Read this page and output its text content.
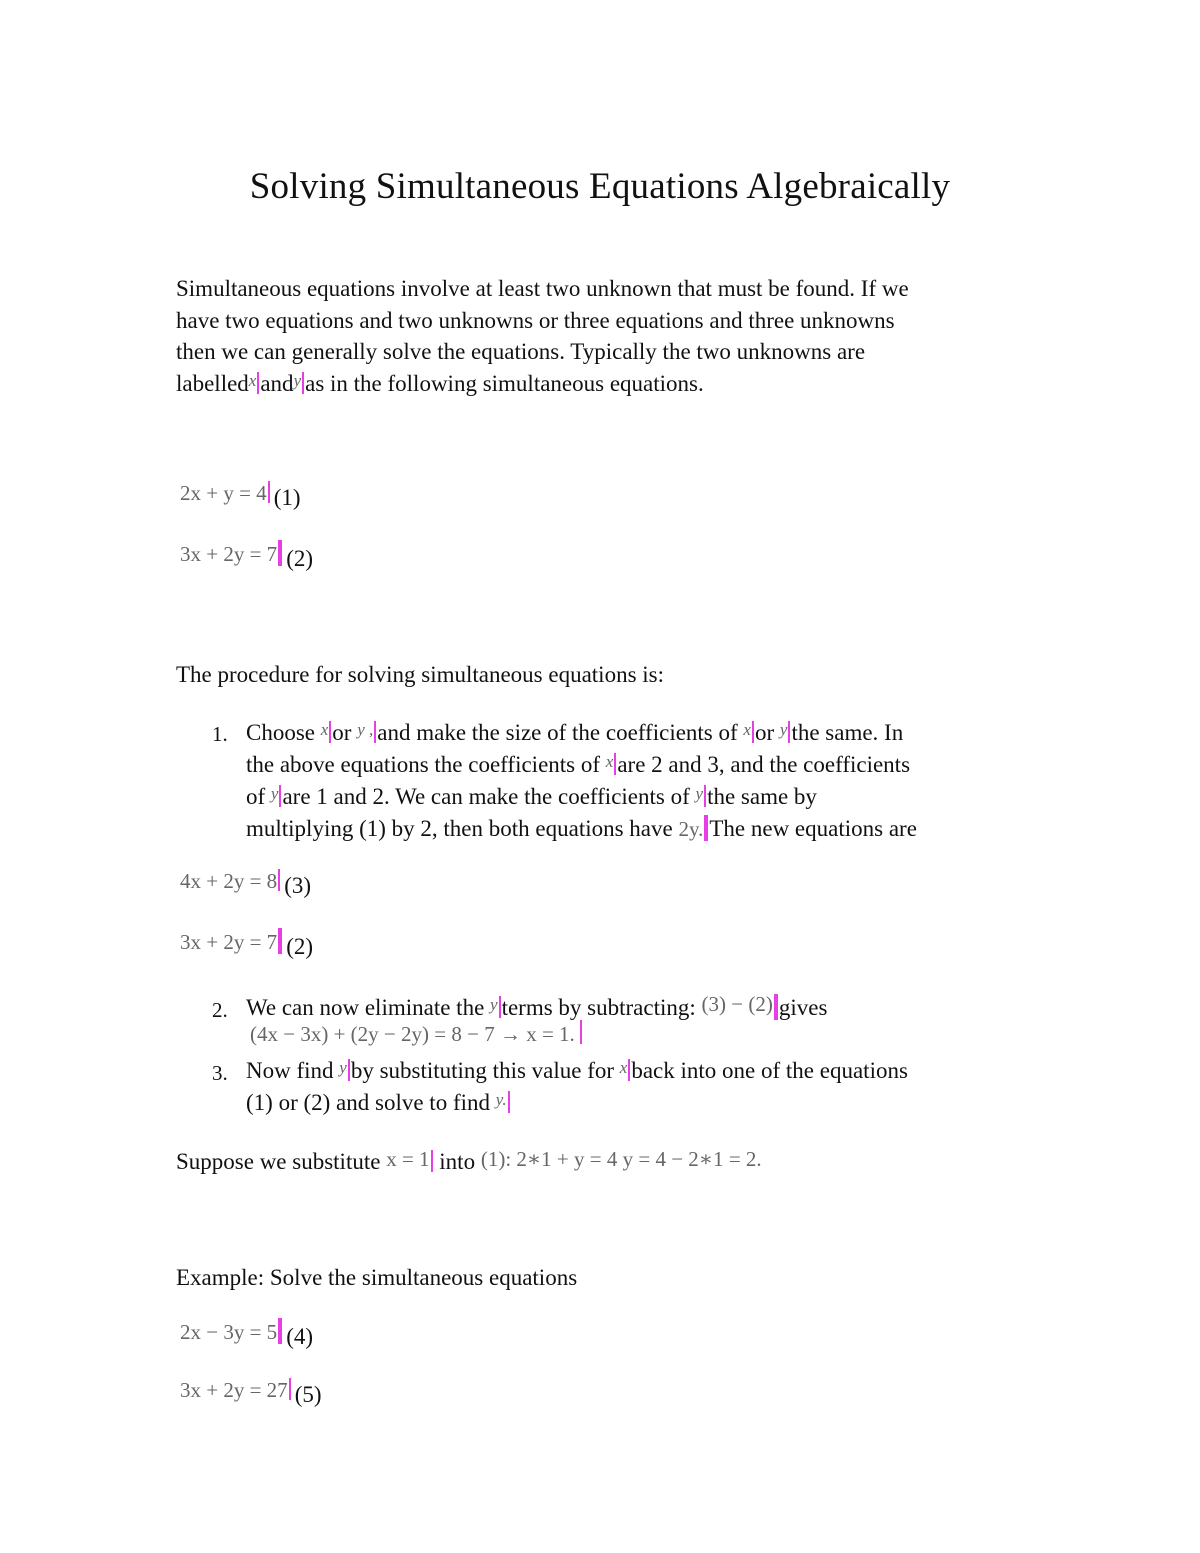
Solving Simultaneous Equations Algebraically
Simultaneous equations involve at least two unknown that must be found. If we
have two equations and two unknowns or three equations and three unknowns
then we can generally solve the equations. Typically the two unknowns are
labelled$^x$ and$^y$ as in the following simultaneous equations.
2x + y = 4 (1)
3x + 2y = 7 (2)
The procedure for solving simultaneous equations is:
1. Choose $^x$ or $^{y ,}$ and make the size of the coefficients of $^x$ or $^y$ the same. In
the above equations the coefficients of $^x$ are 2 and 3, and the coefficients
of $^y$ are 1 and 2. We can make the coefficients of $^y$ the same by
multiplying (1) by 2, then both equations have 2y. The new equations are
4x + 2y = 8 (3)
3x + 2y = 7 (2)
2. We can now eliminate the $^y$ terms by subtracting: (3) − (2) gives
(4x − 3x) + (2y − 2y) = 8 − 7 → x = 1.
3. Now find $^y$ by substituting this value for $^x$ back into one of the equations
(1) or (2) and solve to find $^{y.}$
Suppose we substitute x = 1 into (1): 2∗1 + y = 4 y = 4 − 2∗1 = 2.
Example: Solve the simultaneous equations
2x − 3y = 5 (4)
3x + 2y = 27 (5)
